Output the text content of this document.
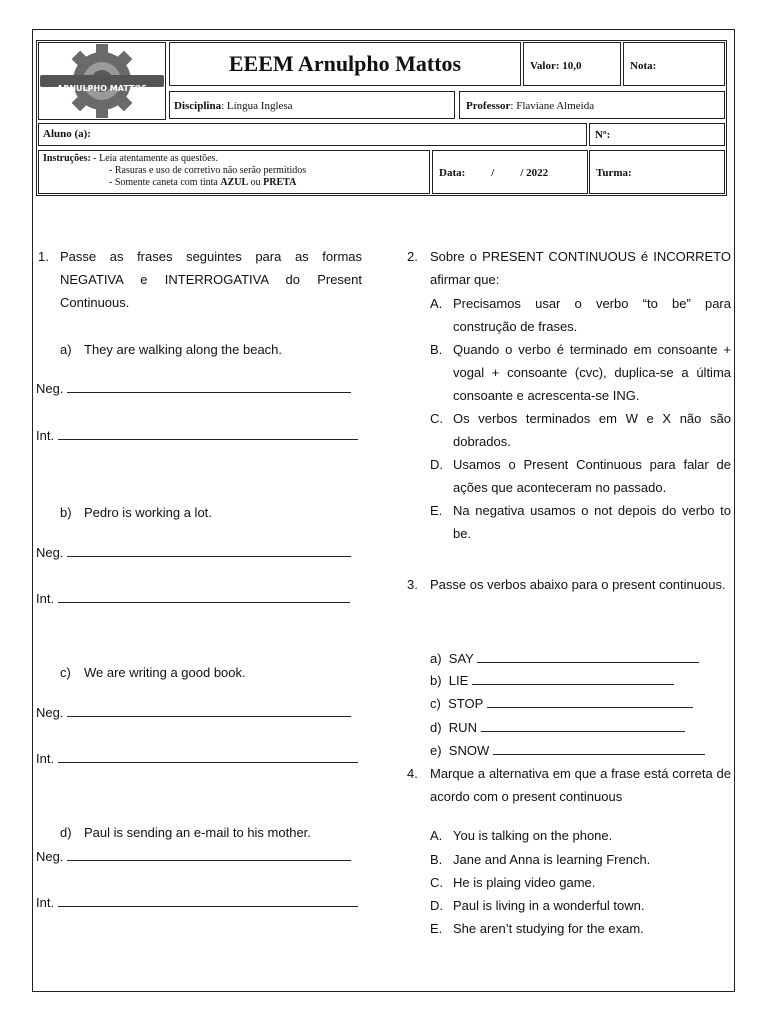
ARNULPHO MATTOS
EEEM Arnulpho Mattos	Valor: 10,0	Nota:
Disciplina: Língua Inglesa	Professor: Flaviane Almeida
Aluno (a):	Nº:
Instruções: - Leia atentamente as questões.
- Rasuras e uso de corretivo não serão permitidos
- Somente caneta com tinta AZUL ou PRETA
Data: / / 2022	Turma:
1. Passe as frases seguintes para as formas NEGATIVA e INTERROGATIVA do Present Continuous.
a) They are walking along the beach.
Neg.
Int.
b) Pedro is working a lot.
Neg.
Int.
c) We are writing a good book.
Neg.
Int.
d) Paul is sending an e-mail to his mother.
Neg.
Int.
2. Sobre o PRESENT CONTINUOUS é INCORRETO afirmar que:
A. Precisamos usar o verbo “to be” para construção de frases.
B. Quando o verbo é terminado em consoante + vogal + consoante (cvc), duplica-se a última consoante e acrescenta-se ING.
C. Os verbos terminados em W e X não são dobrados.
D. Usamos o Present Continuous para falar de ações que aconteceram no passado.
E. Na negativa usamos o not depois do verbo to be.
3. Passe os verbos abaixo para o present continuous.
a) SAY
b) LIE
c) STOP
d) RUN
e) SNOW
4. Marque a alternativa em que a frase está correta de acordo com o present continuous
A. You is talking on the phone.
B. Jane and Anna is learning French.
C. He is plaing video game.
D. Paul is living in a wonderful town.
E. She aren’t studying for the exam.
